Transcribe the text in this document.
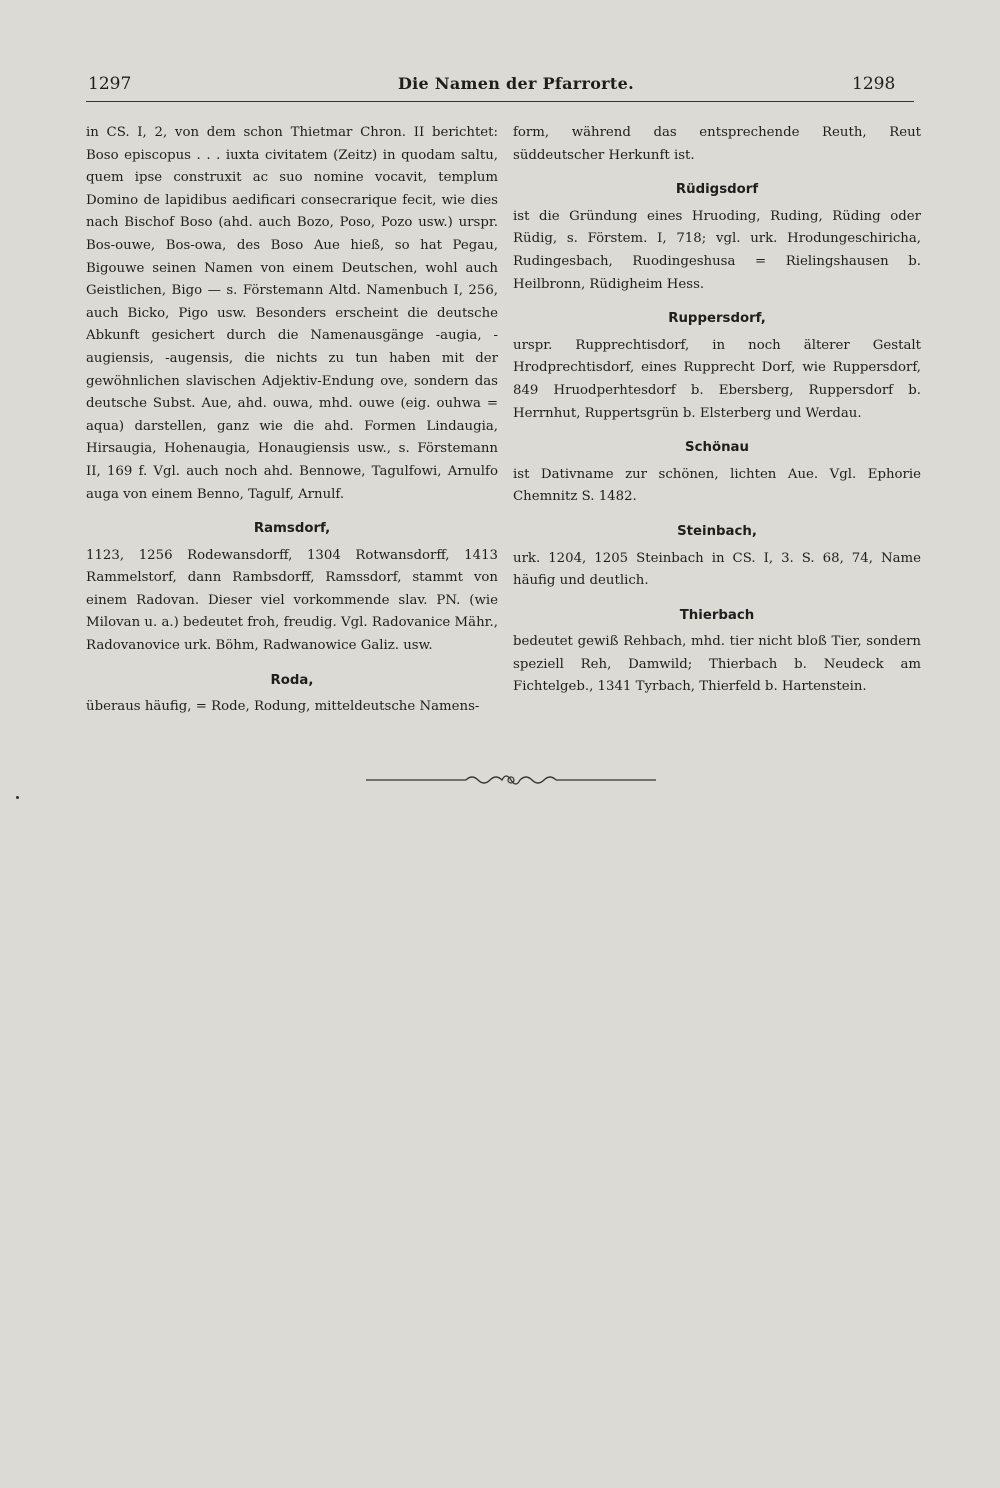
1297	Die Namen der Pfarrorte.	1298

in CS. I, 2, von dem schon Thietmar Chron. II berichtet: Boso episcopus . . . iuxta civitatem (Zeitz) in quodam saltu, quem ipse construxit ac suo nomine vocavit, templum Domino de lapidibus aedificari consecrarique fecit, wie dies nach Bischof Boso (ahd. auch Bozo, Poso, Pozo usw.) urspr. Bos-ouwe, Bos-owa, des Boso Aue hieß, so hat Pegau, Bigouwe seinen Namen von einem Deutschen, wohl auch Geistlichen, Bigo — s. Förstemann Altd. Namenbuch I, 256, auch Bicko, Pigo usw. Besonders erscheint die deutsche Abkunft gesichert durch die Namenausgänge -augia, -augiensis, -augensis, die nichts zu tun haben mit der gewöhnlichen slavischen Adjektiv-Endung ove, sondern das deutsche Subst. Aue, ahd. ouwa, mhd. ouwe (eig. ouhwa = aqua) darstellen, ganz wie die ahd. Formen Lindaugia, Hirsaugia, Hohenaugia, Honaugiensis usw., s. Förstemann II, 169 f. Vgl. auch noch ahd. Bennowe, Tagulfowi, Arnulfo auga von einem Benno, Tagulf, Arnulf.

Ramsdorf,

1123, 1256 Rodewansdorff, 1304 Rotwansdorff, 1413 Rammelstorf, dann Rambsdorff, Ramssdorf, stammt von einem Radovan. Dieser viel vorkommende slav. PN. (wie Milovan u. a.) bedeutet froh, freudig. Vgl. Radovanice Mähr., Radovanovice urk. Böhm, Radwanowice Galiz. usw.

Roda,

überaus häufig, = Rode, Rodung, mitteldeutsche Namens-

form, während das entsprechende Reuth, Reut süddeutscher Herkunft ist.

Rüdigsdorf

ist die Gründung eines Hruoding, Ruding, Rüding oder Rüdig, s. Förstem. I, 718; vgl. urk. Hrodungeschiricha, Rudingesbach, Ruodingeshusa = Rielingshausen b. Heilbronn, Rüdigheim Hess.

Ruppersdorf,

urspr. Rupprechtisdorf, in noch älterer Gestalt Hrodprechtisdorf, eines Rupprecht Dorf, wie Ruppersdorf, 849 Hruodperhtesdorf b. Ebersberg, Ruppersdorf b. Herrnhut, Ruppertsgrün b. Elsterberg und Werdau.

Schönau

ist Dativname zur schönen, lichten Aue. Vgl. Ephorie Chemnitz S. 1482.

Steinbach,

urk. 1204, 1205 Steinbach in CS. I, 3. S. 68, 74, Name häufig und deutlich.

Thierbach

bedeutet gewiß Rehbach, mhd. tier nicht bloß Tier, sondern speziell Reh, Damwild; Thierbach b. Neudeck am Fichtelgeb., 1341 Tyrbach, Thierfeld b. Hartenstein.
